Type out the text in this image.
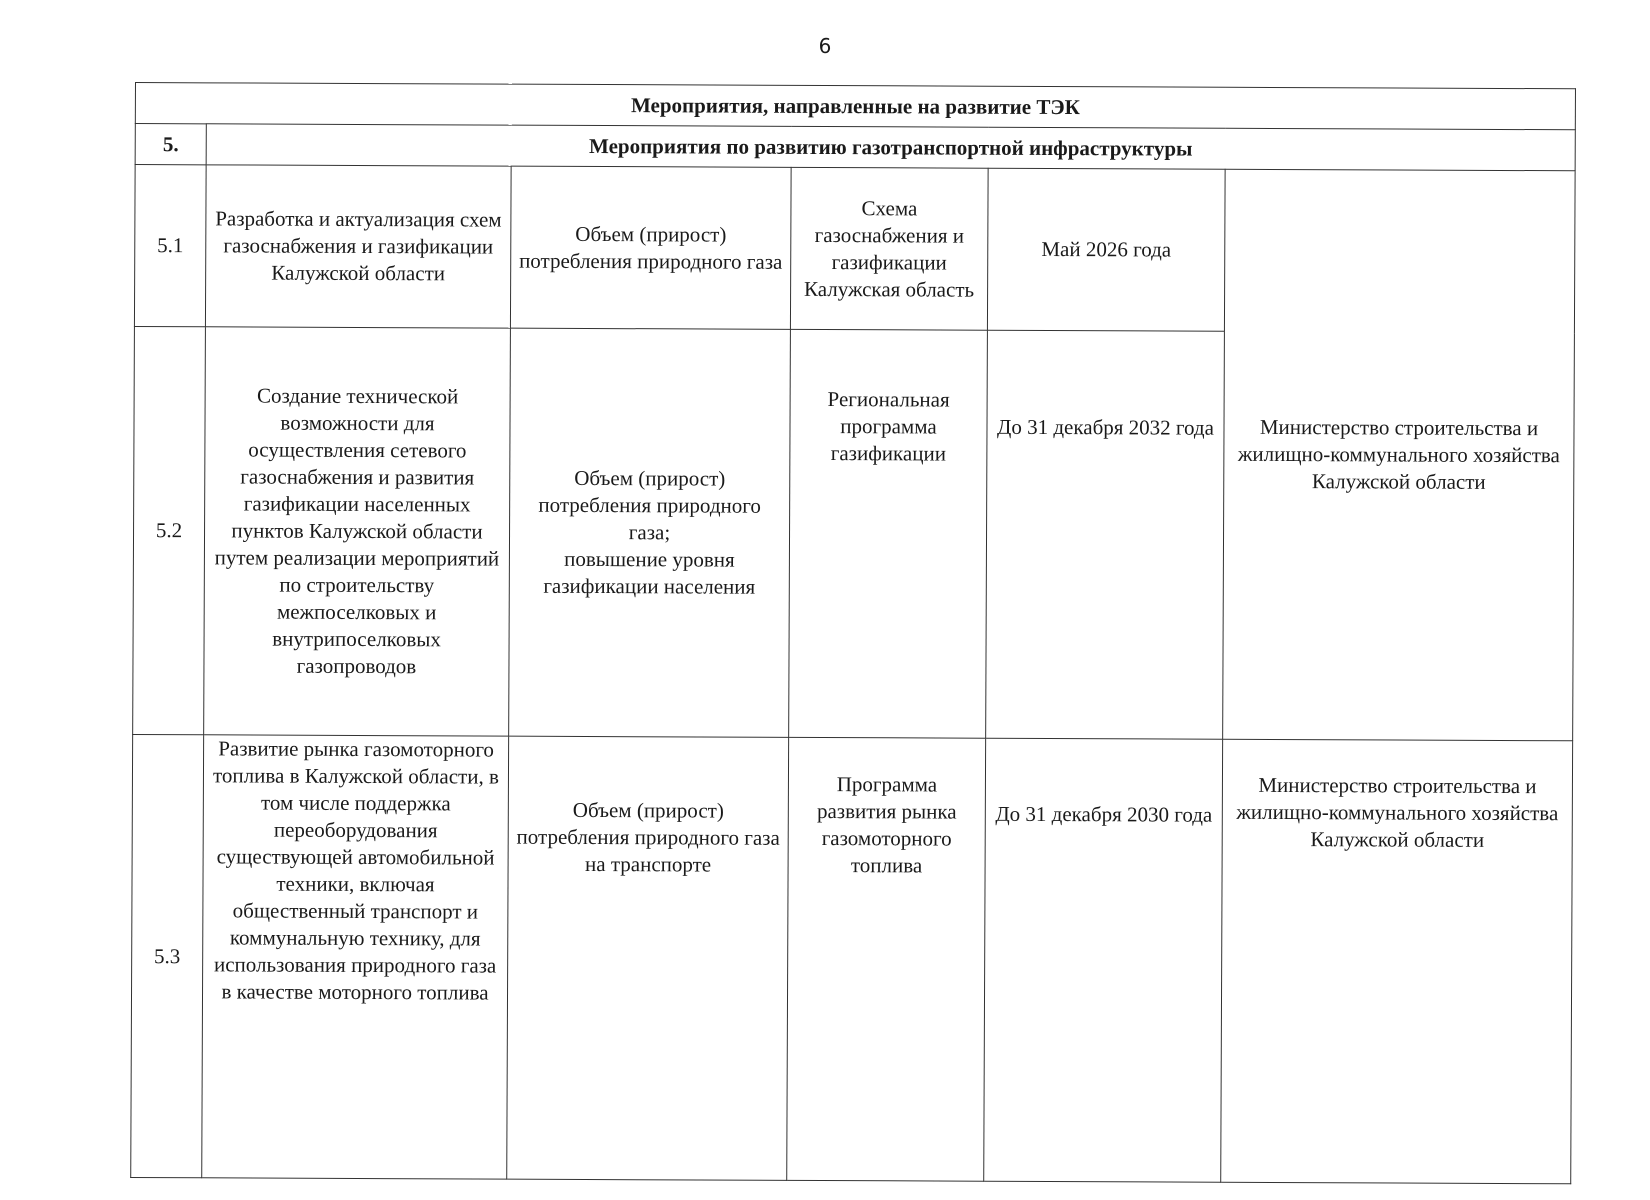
6
Мероприятия, направленные на развитие ТЭК					
5.	Мероприятия по развитию газотранспортной инфраструктуры				
5.1	Разработка и актуализация схем газоснабжения и газификации Калужской области	Объем (прирост) потребления природного газа	Схема газоснабжения и газификации Калужская область	Май 2026 года	Министерство строительства и жилищно-коммунального хозяйства Калужской области
5.2	Создание технической возможности для осуществления сетевого газоснабжения и развития газификации населенных пунктов Калужской области путем реализации мероприятий по строительству межпоселковых и внутрипоселковых газопроводов	Объем (прирост) потребления природного газа;
повышение уровня газификации населения	Региональная программа газификации	До 31 декабря 2032 года	
5.3	Развитие рынка газомоторного топлива в Калужской области, в том числе поддержка переоборудования существующей автомобильной техники, включая общественный транспорт и коммунальную технику, для использования природного газа в качестве моторного топлива	Объем (прирост) потребления природного газа на транспорте	Программа развития рынка газомоторного топлива	До 31 декабря 2030 года	Министерство строительства и жилищно-коммунального хозяйства Калужской области
